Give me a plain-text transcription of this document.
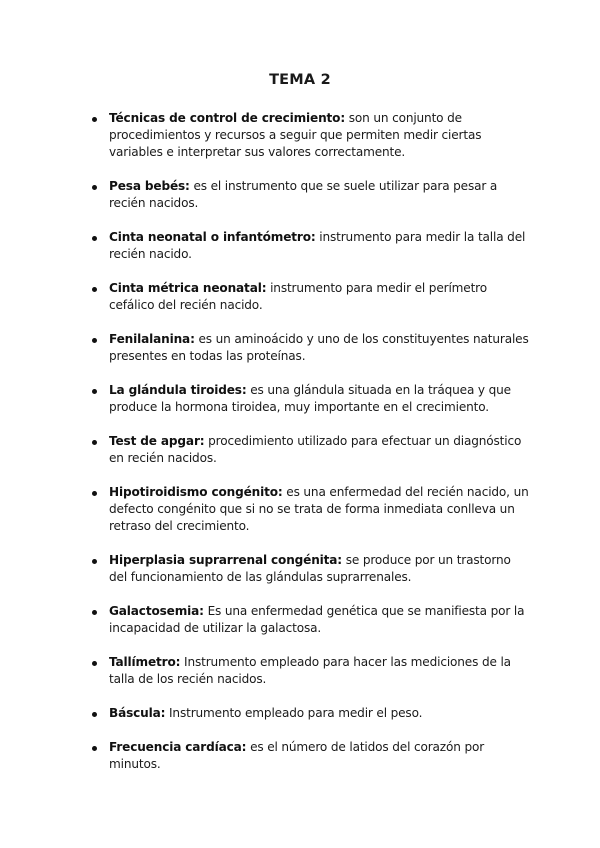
TEMA 2
Técnicas de control de crecimiento: son un conjunto de procedimientos y recursos a seguir que permiten medir ciertas variables e interpretar sus valores correctamente.
Pesa bebés: es el instrumento que se suele utilizar para pesar a recién nacidos.
Cinta neonatal o infantómetro: instrumento para medir la talla del recién nacido.
Cinta métrica neonatal: instrumento para medir el perímetro cefálico del recién nacido.
Fenilalanina: es un aminoácido y uno de los constituyentes naturales presentes en todas las proteínas.
La glándula tiroides: es una glándula situada en la tráquea y que produce la hormona tiroidea, muy importante en el crecimiento.
Test de apgar: procedimiento utilizado para efectuar un diagnóstico en recién nacidos.
Hipotiroidismo congénito: es una enfermedad del recién nacido, un defecto congénito que si no se trata de forma inmediata conlleva un retraso del crecimiento.
Hiperplasia suprarrenal congénita: se produce por un trastorno del funcionamiento de las glándulas suprarrenales.
Galactosemia: Es una enfermedad genética que se manifiesta por la incapacidad de utilizar la galactosa.
Tallímetro: Instrumento empleado para hacer las mediciones de la talla de los recién nacidos.
Báscula: Instrumento empleado para medir el peso.
Frecuencia cardíaca: es el número de latidos del corazón por minutos.
